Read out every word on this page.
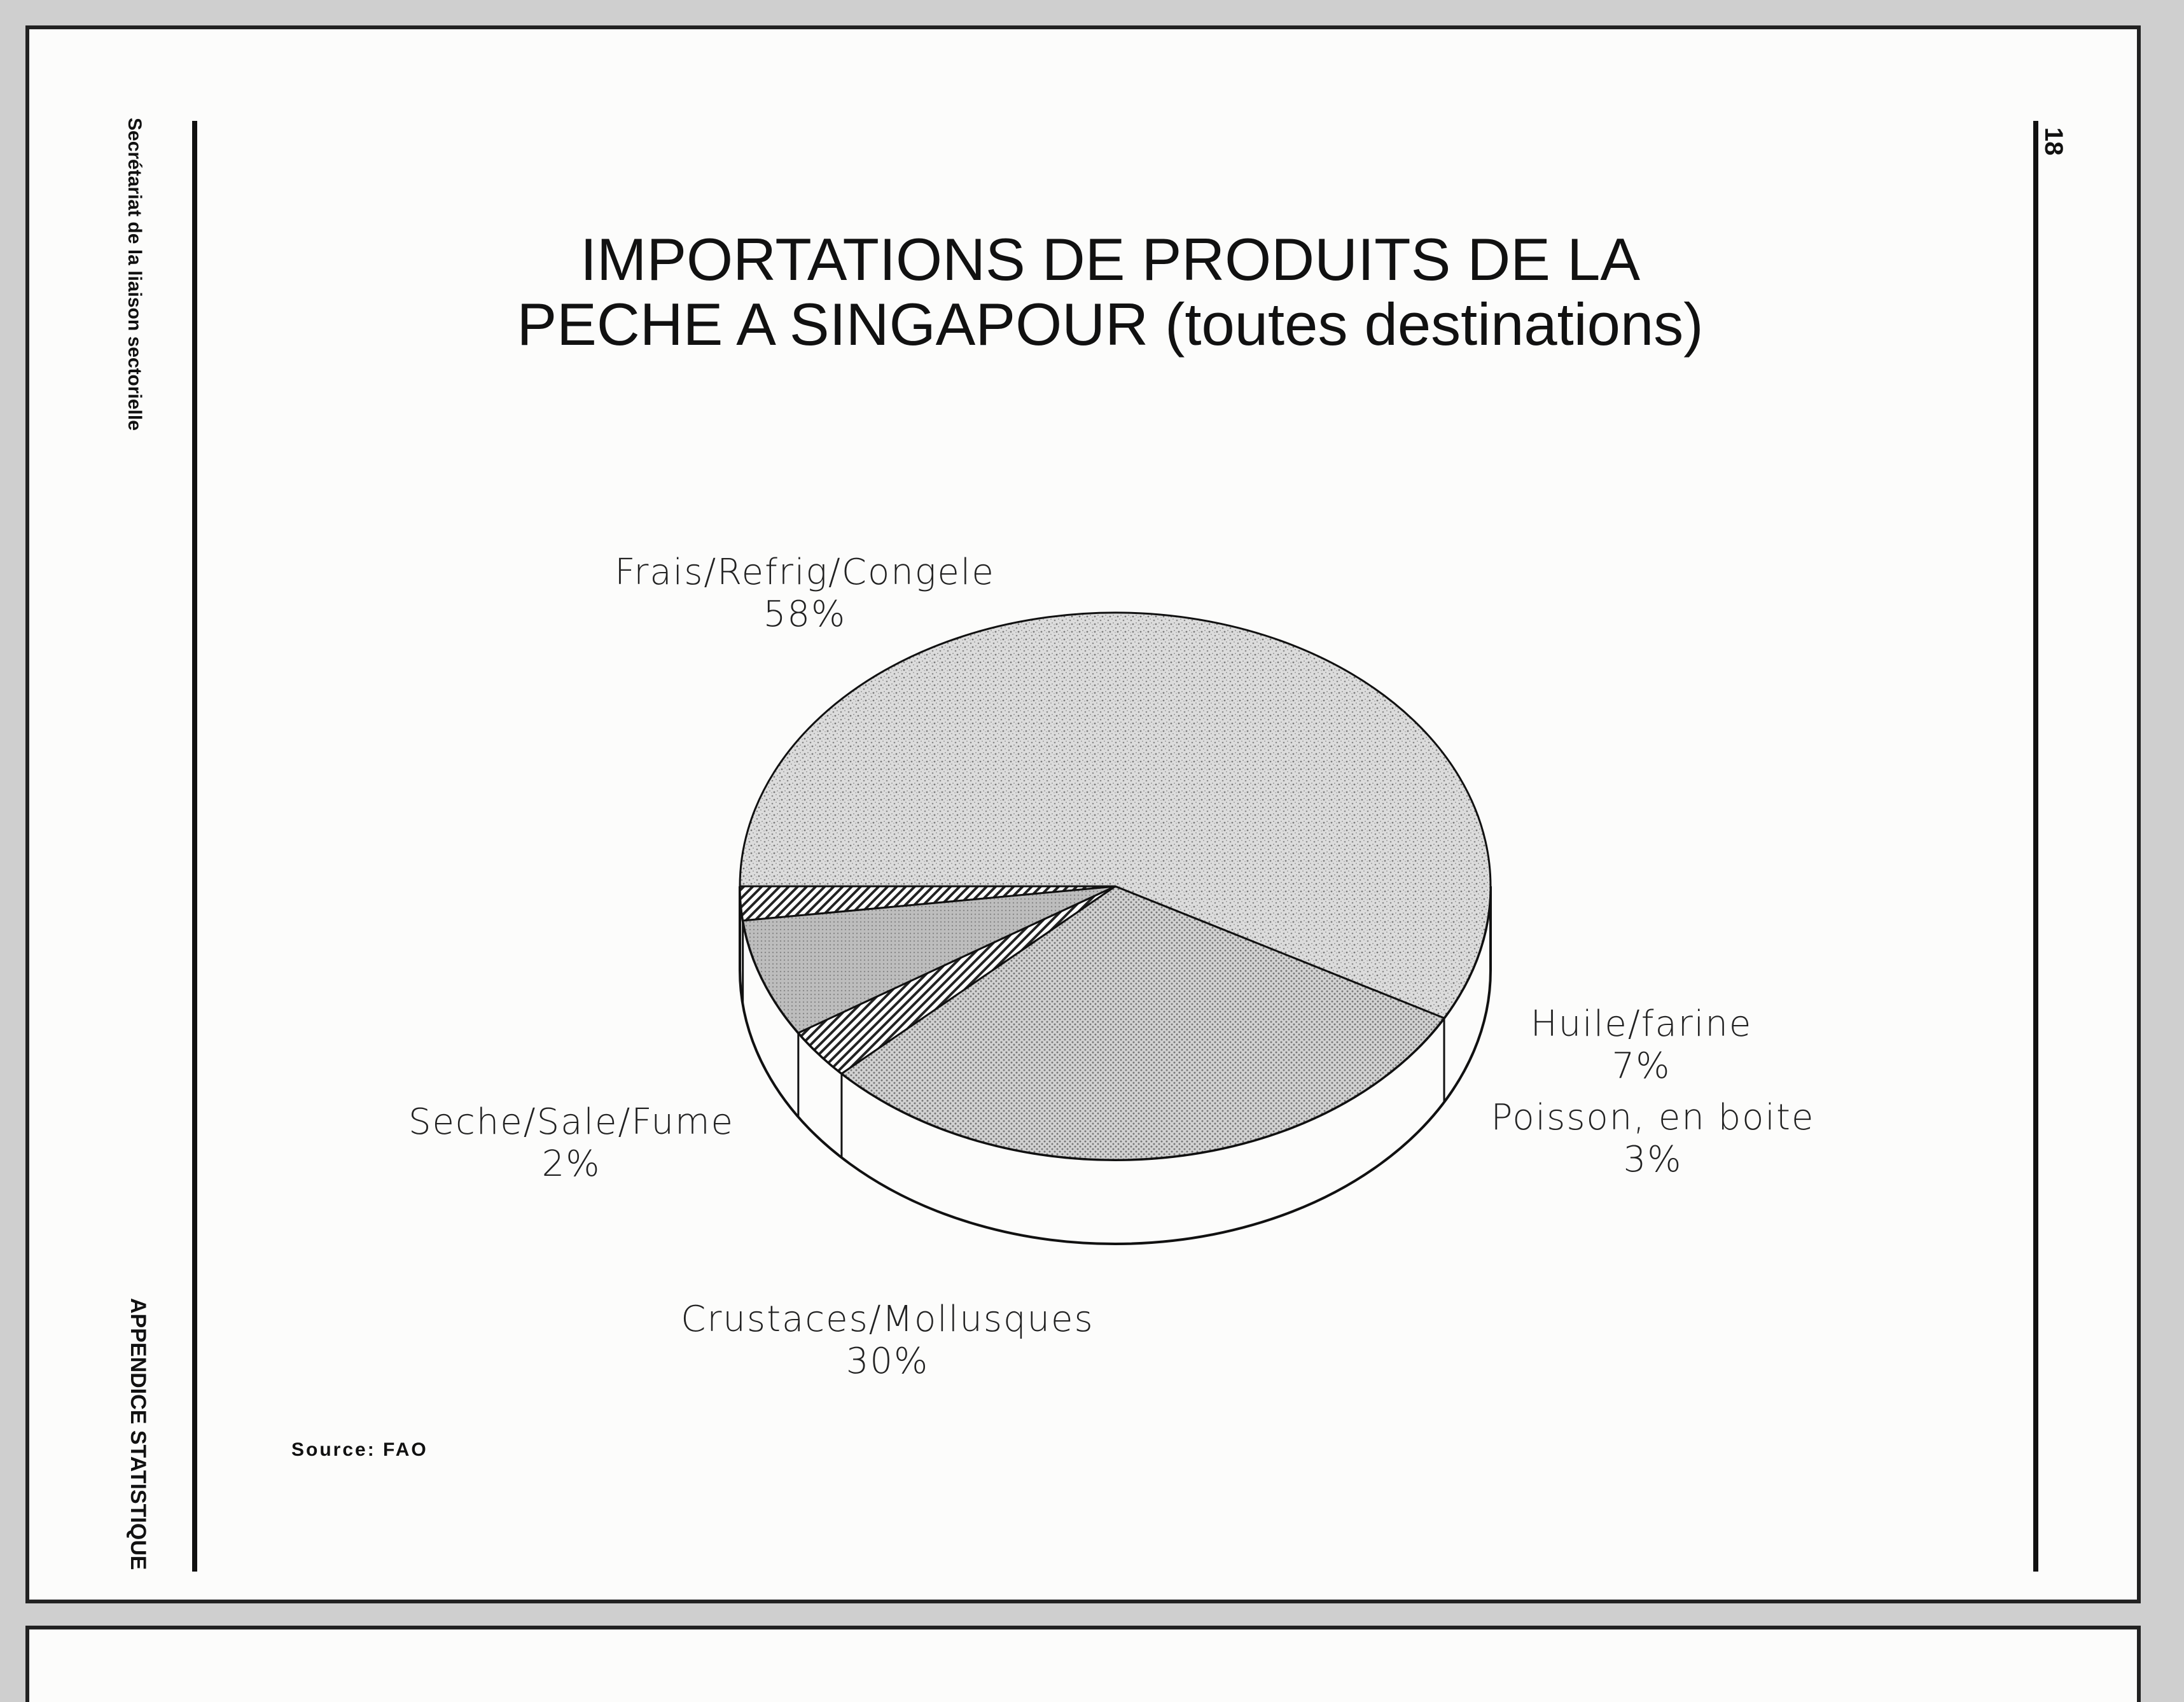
Secrétariat de la liaison sectorielle
APPENDICE STATISTIQUE
18
Source: FAO
IMPORTATIONS DE PRODUITS DE LA
PECHE A SINGAPOUR (toutes destinations)
Frais/Refrig/Congele
58%
Crustaces/Mollusques
30%
Poisson, en boite
3%
Huile/farine
7%
Seche/Sale/Fume
2%
